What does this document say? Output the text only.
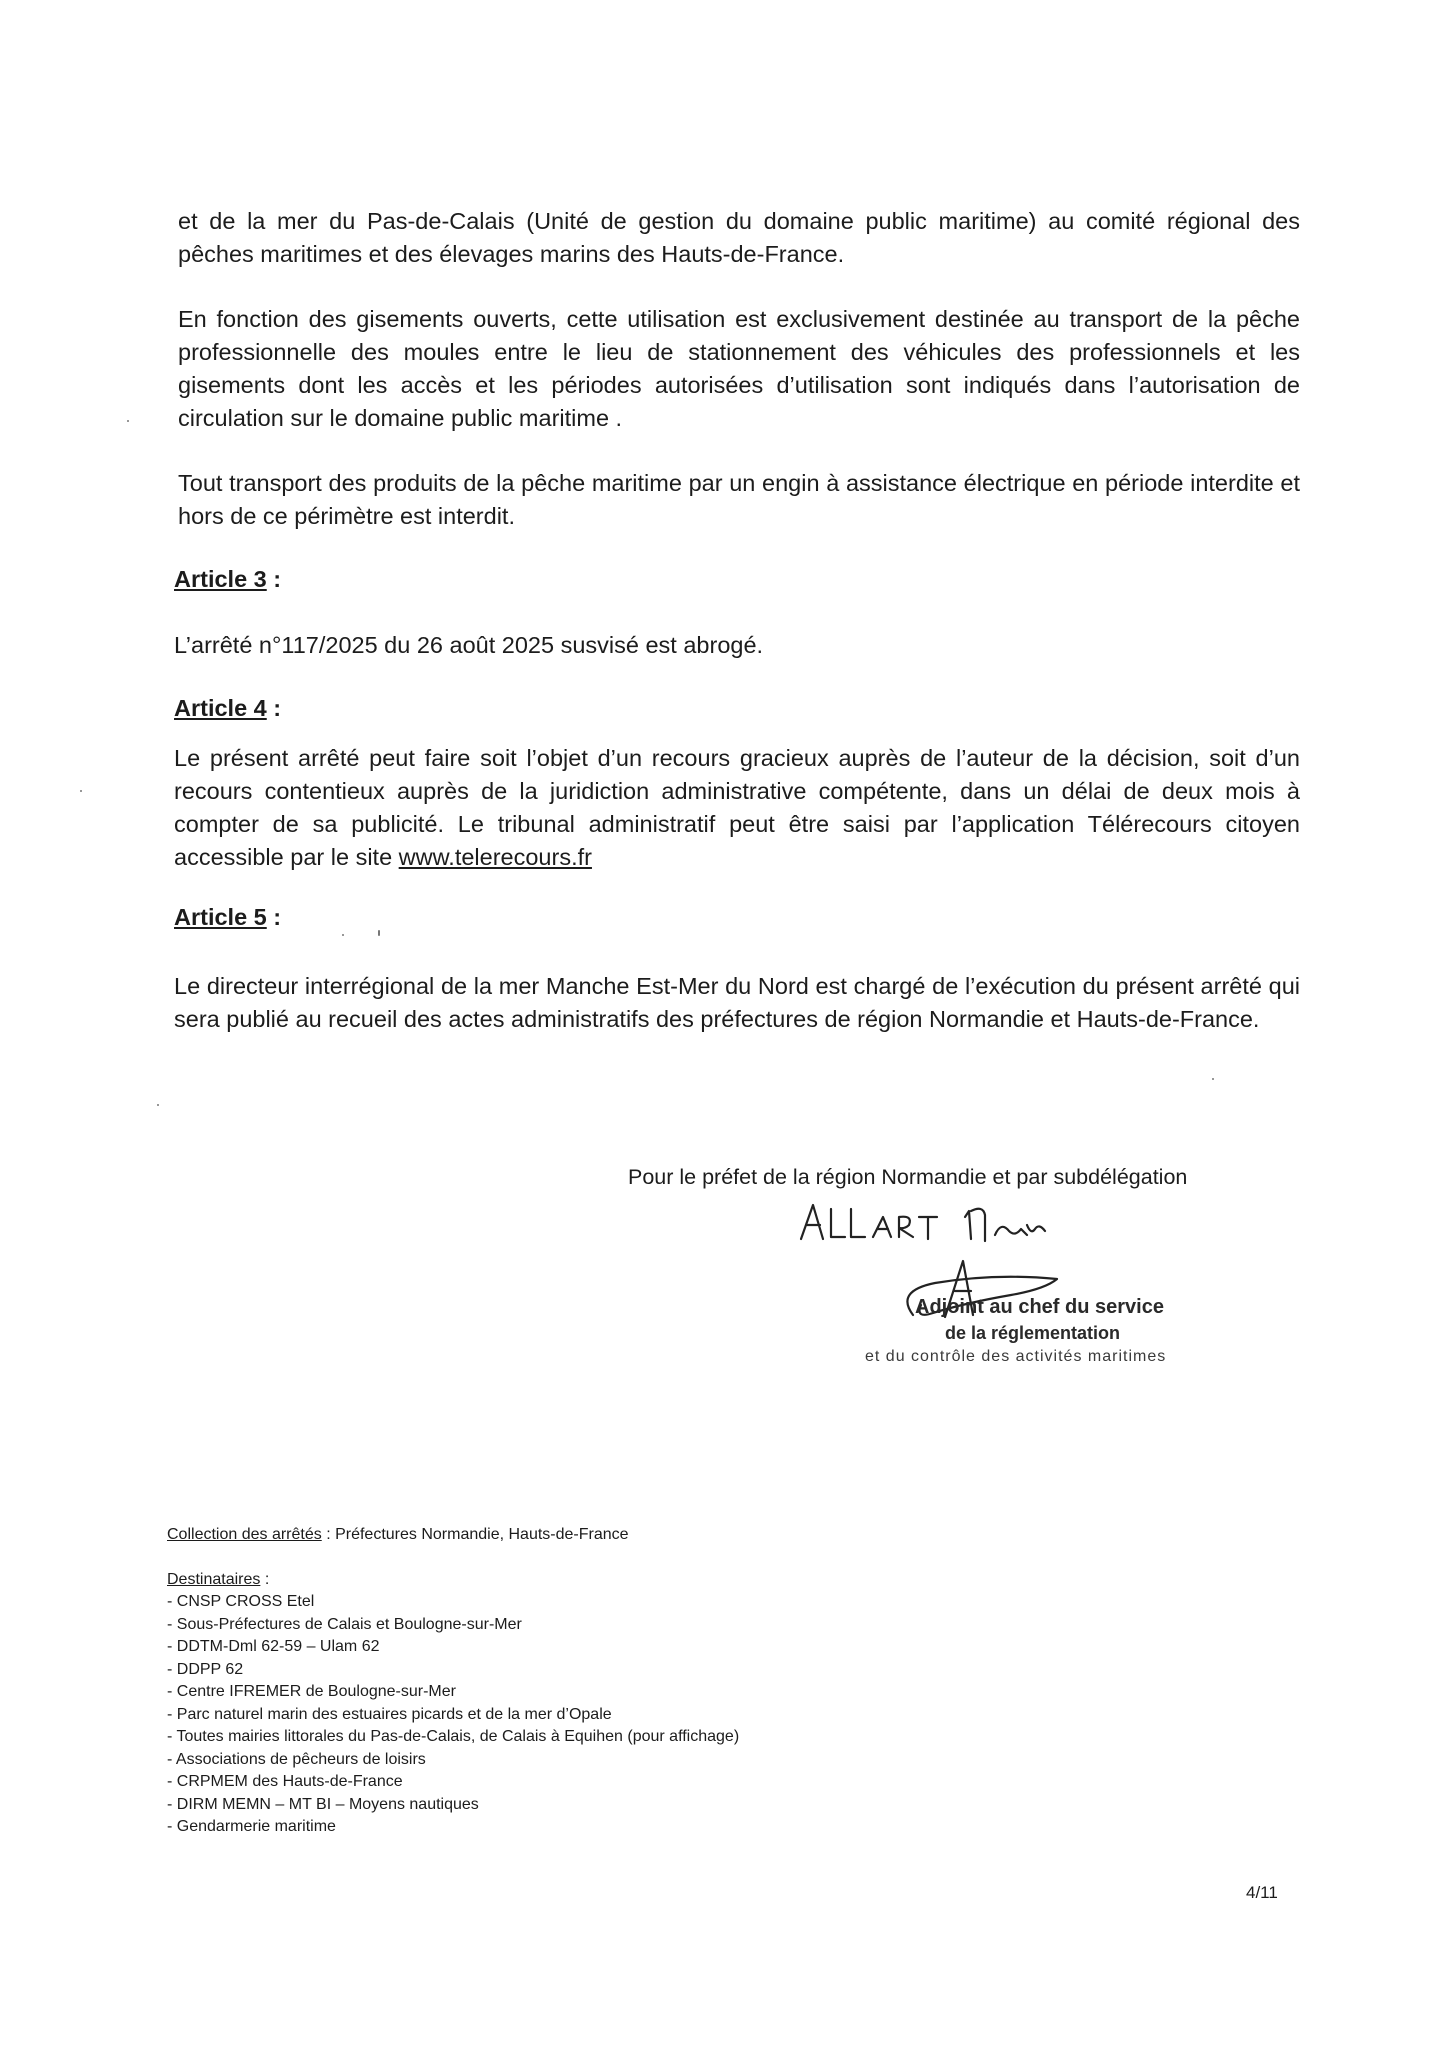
et de la mer du Pas-de-Calais (Unité de gestion du domaine public maritime) au comité régional des pêches maritimes et des élevages marins des Hauts-de-France.

En fonction des gisements ouverts, cette utilisation est exclusivement destinée au transport de la pêche professionnelle des moules entre le lieu de stationnement des véhicules des professionnels et les gisements dont les accès et les périodes autorisées d’utilisation sont indiqués dans l’autorisation de circulation sur le domaine public maritime .

Tout transport des produits de la pêche maritime par un engin à assistance électrique en période interdite et hors de ce périmètre est interdit.

Article 3 :

L’arrêté n°117/2025 du 26 août 2025 susvisé est abrogé.

Article 4 :

Le présent arrêté peut faire soit l’objet d’un recours gracieux auprès de l’auteur de la décision, soit d’un recours contentieux auprès de la juridiction administrative compétente, dans un délai de deux mois à compter de sa publicité. Le tribunal administratif peut être saisi par l’application Télérecours citoyen accessible par le site www.telerecours.fr

Article 5 :

Le directeur interrégional de la mer Manche Est-Mer du Nord est chargé de l’exécution du présent arrêté qui sera publié au recueil des actes administratifs des préfectures de région Normandie et Hauts-de-France.

Pour le préfet de la région Normandie et par subdélégation

Adjoint au chef du service
de la réglementation
et du contrôle des activités maritimes

Collection des arrêtés : Préfectures Normandie, Hauts-de-France

Destinataires :

- CNSP CROSS Etel
- Sous-Préfectures de Calais et Boulogne-sur-Mer
- DDTM-Dml 62-59 – Ulam 62
- DDPP 62
- Centre IFREMER de Boulogne-sur-Mer
- Parc naturel marin des estuaires picards et de la mer d’Opale
- Toutes mairies littorales du Pas-de-Calais, de Calais à Equihen (pour affichage)
- Associations de pêcheurs de loisirs
- CRPMEM des Hauts-de-France
- DIRM MEMN – MT BI – Moyens nautiques
- Gendarmerie maritime
4/11
